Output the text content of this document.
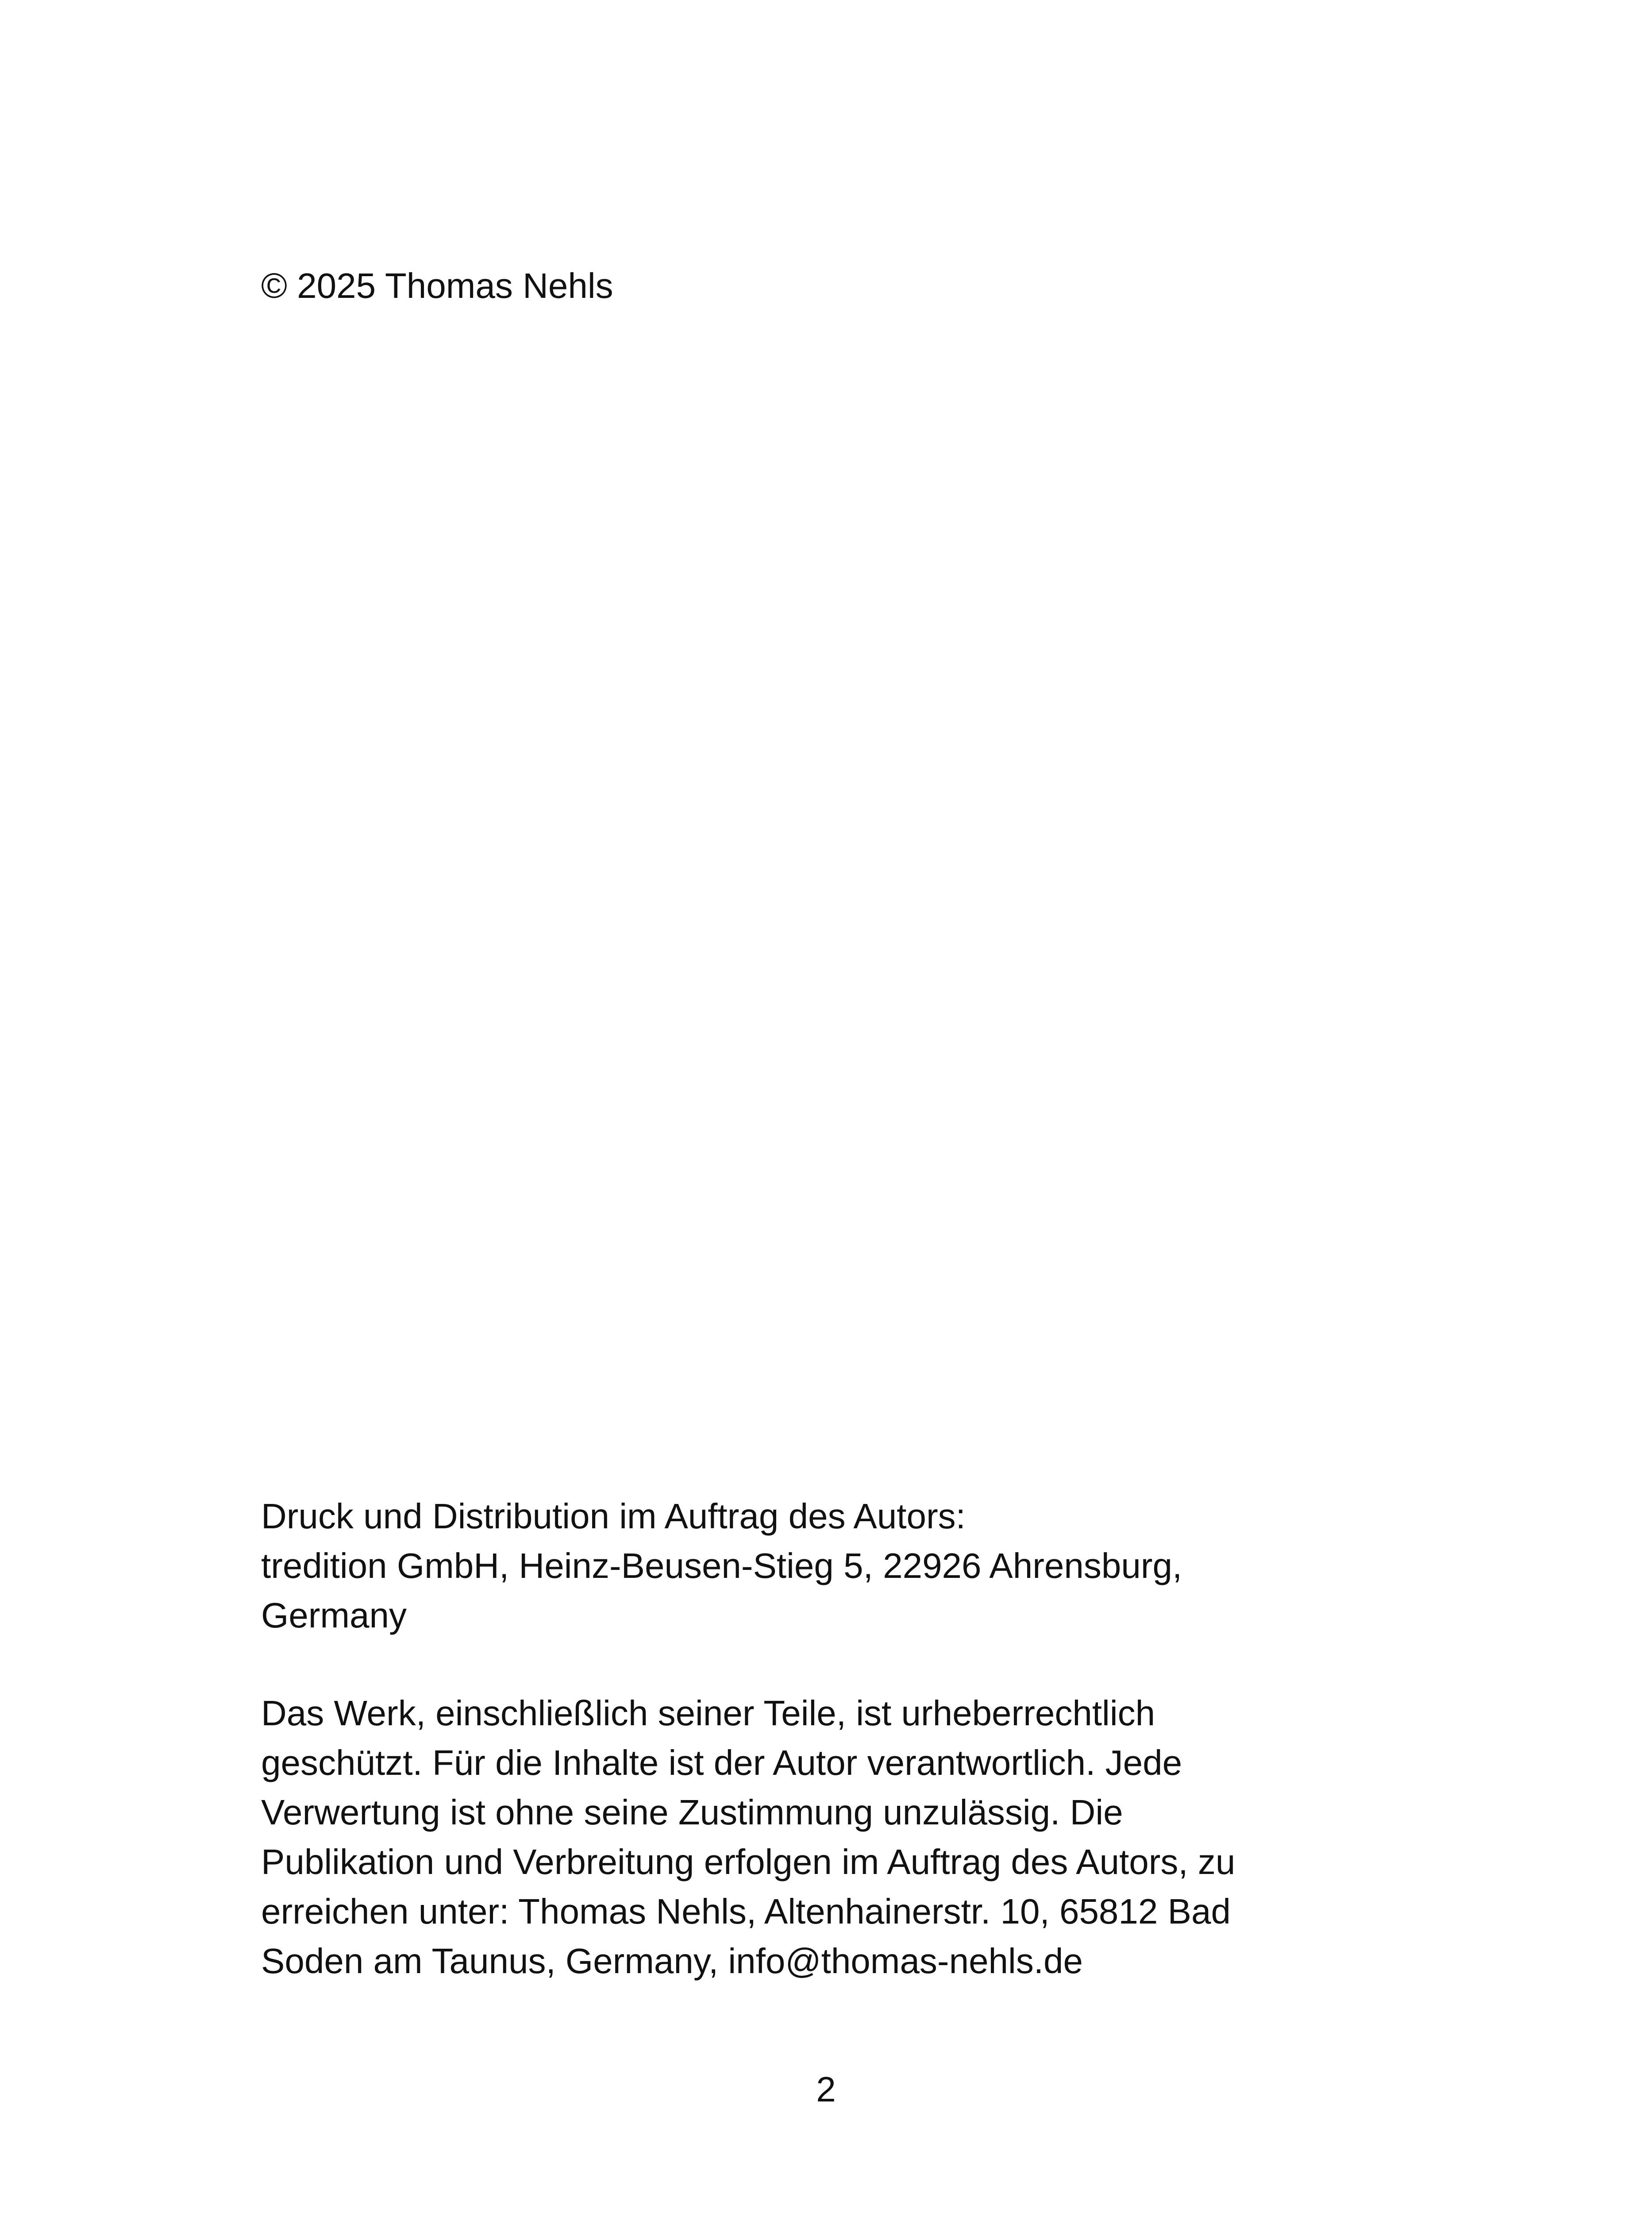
© 2025 Thomas Nehls

Druck und Distribution im Auftrag des Autors:

tredition GmbH, Heinz-Beusen-Stieg 5, 22926 Ahrensburg,

Germany

Das Werk, einschließlich seiner Teile, ist urheberrechtlich

geschützt. Für die Inhalte ist der Autor verantwortlich. Jede

Verwertung ist ohne seine Zustimmung unzulässig. Die

Publikation und Verbreitung erfolgen im Auftrag des Autors, zu

erreichen unter: Thomas Nehls, Altenhainerstr. 10, 65812 Bad

Soden am Taunus, Germany, info@thomas-nehls.de

2
